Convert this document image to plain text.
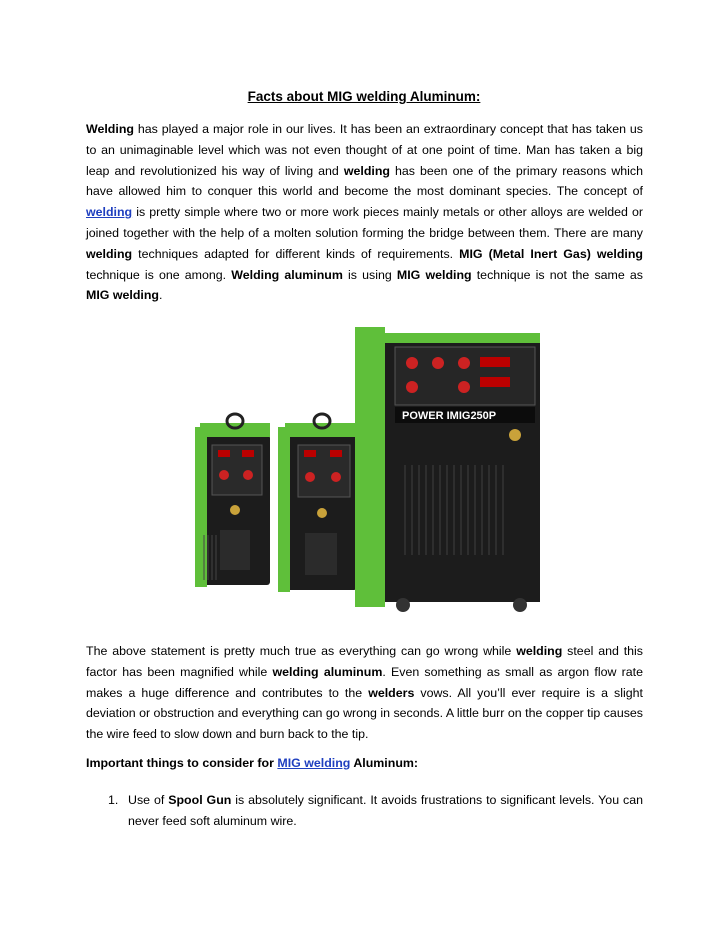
Facts about MIG welding Aluminum:

Welding has played a major role in our lives. It has been an extraordinary concept that has taken us to an unimaginable level which was not even thought of at one point of time. Man has taken a big leap and revolutionized his way of living and welding has been one of the primary reasons which have allowed him to conquer this world and become the most dominant species. The concept of welding is pretty simple where two or more work pieces mainly metals or other alloys are welded or joined together with the help of a molten solution forming the bridge between them. There are many welding techniques adapted for different kinds of requirements. MIG (Metal Inert Gas) welding technique is one among. Welding aluminum is using MIG welding technique is not the same as MIG welding.

POWER IMIG250P

The above statement is pretty much true as everything can go wrong while welding steel and this factor has been magnified while welding aluminum. Even something as small as argon flow rate makes a huge difference and contributes to the welders vows. All you’ll ever require is a slight deviation or obstruction and everything can go wrong in seconds. A little burr on the copper tip causes the wire feed to slow down and burn back to the tip.

Important things to consider for MIG welding Aluminum:
1. Use of Spool Gun is absolutely significant. It avoids frustrations to significant levels. You can never feed soft aluminum wire.
